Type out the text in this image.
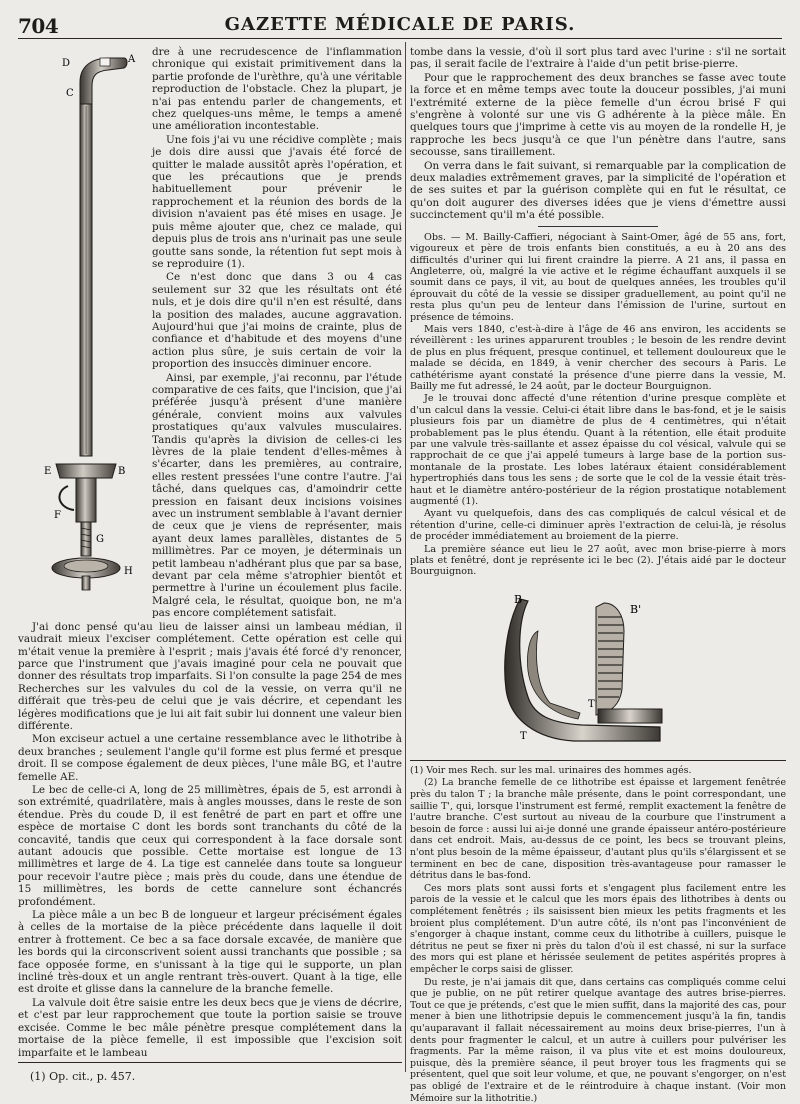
704	GAZETTE MÉDICALE DE PARIS.
A
D
C
E	B
F
G
H

dre à une recrudescence de l'inflammation chronique qui existait primitivement dans la partie profonde de l'urèthre, qu'à une véritable reproduction de l'obstacle. Chez la plupart, je n'ai pas entendu parler de changements, et chez quelques-uns même, le temps a amené une amélioration incontestable.

Une fois j'ai vu une récidive complète ; mais je dois dire aussi que j'avais été forcé de quitter le malade aussitôt après l'opération, et que les précautions que je prends habituellement pour prévenir le rapprochement et la réunion des bords de la division n'avaient pas été mises en usage. Je puis même ajouter que, chez ce malade, qui depuis plus de trois ans n'urinait pas une seule goutte sans sonde, la rétention fut sept mois à se reproduire (1).

Ce n'est donc que dans 3 ou 4 cas seulement sur 32 que les résultats ont été nuls, et je dois dire qu'il n'en est résulté, dans la position des malades, aucune aggravation. Aujourd'hui que j'ai moins de crainte, plus de confiance et d'habitude et des moyens d'une action plus sûre, je suis certain de voir la proportion des insuccès diminuer encore.

Ainsi, par exemple, j'ai reconnu, par l'étude comparative de ces faits, que l'incision, que j'ai préférée jusqu'à présent d'une manière générale, convient moins aux valvules prostatiques qu'aux valvules musculaires. Tandis qu'après la division de celles-ci les lèvres de la plaie tendent d'elles-mêmes à s'écarter, dans les premières, au contraire, elles restent pressées l'une contre l'autre. J'ai tâché, dans quelques cas, d'amoindrir cette pression en faisant deux incisions voisines avec un instrument semblable à l'avant dernier de ceux que je viens de représenter, mais ayant deux lames parallèles, distantes de 5 millimètres. Par ce moyen, je déterminais un petit lambeau n'adhérant plus que par sa base, devant par cela même s'atrophier bientôt et permettre à l'urine un écoulement plus facile. Malgré cela, le résultat, quoique bon, ne m'a pas encore complétement satisfait.

J'ai donc pensé qu'au lieu de laisser ainsi un lambeau médian, il vaudrait mieux l'exciser complétement. Cette opération est celle qui m'était venue la première à l'esprit ; mais j'avais été forcé d'y renoncer, parce que l'instrument que j'avais imaginé pour cela ne pouvait que donner des résultats trop imparfaits. Si l'on consulte la page 254 de mes Recherches sur les valvules du col de la vessie, on verra qu'il ne différait que très-peu de celui que je vais décrire, et cependant les légères modifications que je lui ait fait subir lui donnent une valeur bien différente.

Mon exciseur actuel a une certaine ressemblance avec le lithotribe à deux branches ; seulement l'angle qu'il forme est plus fermé et presque droit. Il se compose également de deux pièces, l'une mâle BG, et l'autre femelle AE.

Le bec de celle-ci A, long de 25 millimètres, épais de 5, est arrondi à son extrémité, quadrilatère, mais à angles mousses, dans le reste de son étendue. Près du coude D, il est fenêtré de part en part et offre une espèce de mortaise C dont les bords sont tranchants du côté de la concavité, tandis que ceux qui correspondent à la face dorsale sont autant adoucis que possible. Cette mortaise est longue de 13 millimètres et large de 4. La tige est cannelée dans toute sa longueur pour recevoir l'autre pièce ; mais près du coude, dans une étendue de 15 millimètres, les bords de cette cannelure sont échancrés profondément.

La pièce mâle a un bec B de longueur et largeur précisément égales à celles de la mortaise de la pièce précédente dans laquelle il doit entrer à frottement. Ce bec a sa face dorsale excavée, de manière que les bords qui la circonscrivent soient aussi tranchants que possible ; sa face opposée forme, en s'unissant à la tige qui le supporte, un plan incliné très-doux et un angle rentrant très-ouvert. Quant à la tige, elle est droite et glisse dans la cannelure de la branche femelle.

La valvule doit être saisie entre les deux becs que je viens de décrire, et c'est par leur rapprochement que toute la portion saisie se trouve excisée. Comme le bec mâle pénètre presque complétement dans la mortaise de la pièce femelle, il est impossible que l'excision soit imparfaite et le lambeau

(1) Op. cit., p. 457.

tombe dans la vessie, d'où il sort plus tard avec l'urine : s'il ne sortait pas, il serait facile de l'extraire à l'aide d'un petit brise-pierre.

Pour que le rapprochement des deux branches se fasse avec toute la force et en même temps avec toute la douceur possibles, j'ai muni l'extrémité externe de la pièce femelle d'un écrou brisé F qui s'engrène à volonté sur une vis G adhérente à la pièce mâle. En quelques tours que j'imprime à cette vis au moyen de la rondelle H, je rapproche les becs jusqu'à ce que l'un pénètre dans l'autre, sans secousse, sans tiraillement.

On verra dans le fait suivant, si remarquable par la complication de deux maladies extrêmement graves, par la simplicité de l'opération et de ses suites et par la guérison complète qui en fut le résultat, ce qu'on doit augurer des diverses idées que je viens d'émettre aussi succinctement qu'il m'a été possible.

Obs. — M. Bailly-Caffieri, négociant à Saint-Omer, âgé de 55 ans, fort, vigoureux et père de trois enfants bien constitués, a eu à 20 ans des difficultés d'uriner qui lui firent craindre la pierre. A 21 ans, il passa en Angleterre, où, malgré la vie active et le régime échauffant auxquels il se soumit dans ce pays, il vit, au bout de quelques années, les troubles qu'il éprouvait du côté de la vessie se dissiper graduellement, au point qu'il ne resta plus qu'un peu de lenteur dans l'émission de l'urine, surtout en présence de témoins.

Mais vers 1840, c'est-à-dire à l'âge de 46 ans environ, les accidents se réveillèrent : les urines apparurent troubles ; le besoin de les rendre devint de plus en plus fréquent, presque continuel, et tellement douloureux que le malade se décida, en 1849, à venir chercher des secours à Paris. Le cathétérisme ayant constaté la présence d'une pierre dans la vessie, M. Bailly me fut adressé, le 24 août, par le docteur Bourguignon.

Je le trouvai donc affecté d'une rétention d'urine presque complète et d'un calcul dans la vessie. Celui-ci était libre dans le bas-fond, et je le saisis plusieurs fois par un diamètre de plus de 4 centimètres, qui n'était probablement pas le plus étendu. Quant à la rétention, elle était produite par une valvule très-saillante et assez épaisse du col vésical, valvule qui se rapprochait de ce que j'ai appelé tumeurs à large base de la portion sus-montanale de la prostate. Les lobes latéraux étaient considérablement hypertrophiés dans tous les sens ; de sorte que le col de la vessie était très-haut et le diamètre antéro-postérieur de la région prostatique notablement augmenté (1).

Ayant vu quelquefois, dans des cas compliqués de calcul vésical et de rétention d'urine, celle-ci diminuer après l'extraction de celui-là, je résolus de procéder immédiatement au broiement de la pierre.

La première séance eut lieu le 27 août, avec mon brise-pierre à mors plats et fenêtré, dont je représente ici le bec (2). J'étais aidé par le docteur Bourguignon.

B
B'
T'
T

(1) Voir mes Rech. sur les mal. urinaires des hommes agés.

(2) La branche femelle de ce lithotribe est épaisse et largement fenêtrée près du talon T ; la branche mâle présente, dans le point correspondant, une saillie T', qui, lorsque l'instrument est fermé, remplit exactement la fenêtre de l'autre branche. C'est surtout au niveau de la courbure que l'instrument a besoin de force : aussi lui ai-je donné une grande épaisseur antéro-postérieure dans cet endroit. Mais, au-dessus de ce point, les becs se trouvant pleins, n'ont plus besoin de la même épaisseur, d'autant plus qu'ils s'élargissent et se terminent en bec de cane, disposition très-avantageuse pour ramasser le détritus dans le bas-fond.

Ces mors plats sont aussi forts et s'engagent plus facilement entre les parois de la vessie et le calcul que les mors épais des lithotribes à dents ou complétement fenêtrés ; ils saisissent bien mieux les petits fragments et les broient plus complétement. D'un autre côté, ils n'ont pas l'inconvénient de s'engorger à chaque instant, comme ceux du lithotribe à cuillers, puisque le détritus ne peut se fixer ni près du talon d'où il est chassé, ni sur la surface des mors qui est plane et hérissée seulement de petites aspérités propres à empêcher le corps saisi de glisser.

Du reste, je n'ai jamais dit que, dans certains cas compliqués comme celui que je publie, on ne pût retirer quelque avantage des autres brise-pierres. Tout ce que je prétends, c'est que le mien suffit, dans la majorité des cas, pour mener à bien une lithotripsie depuis le commencement jusqu'à la fin, tandis qu'auparavant il fallait nécessairement au moins deux brise-pierres, l'un à dents pour fragmenter le calcul, et un autre à cuillers pour pulvériser les fragments. Par la même raison, il va plus vite et est moins douloureux, puisque, dès la première séance, il peut broyer tous les fragments qui se présentent, quel que soit leur volume, et que, ne pouvant s'engorger, on n'est pas obligé de l'extraire et de le réintroduire à chaque instant. (Voir mon Mémoire sur la lithotritie.)
